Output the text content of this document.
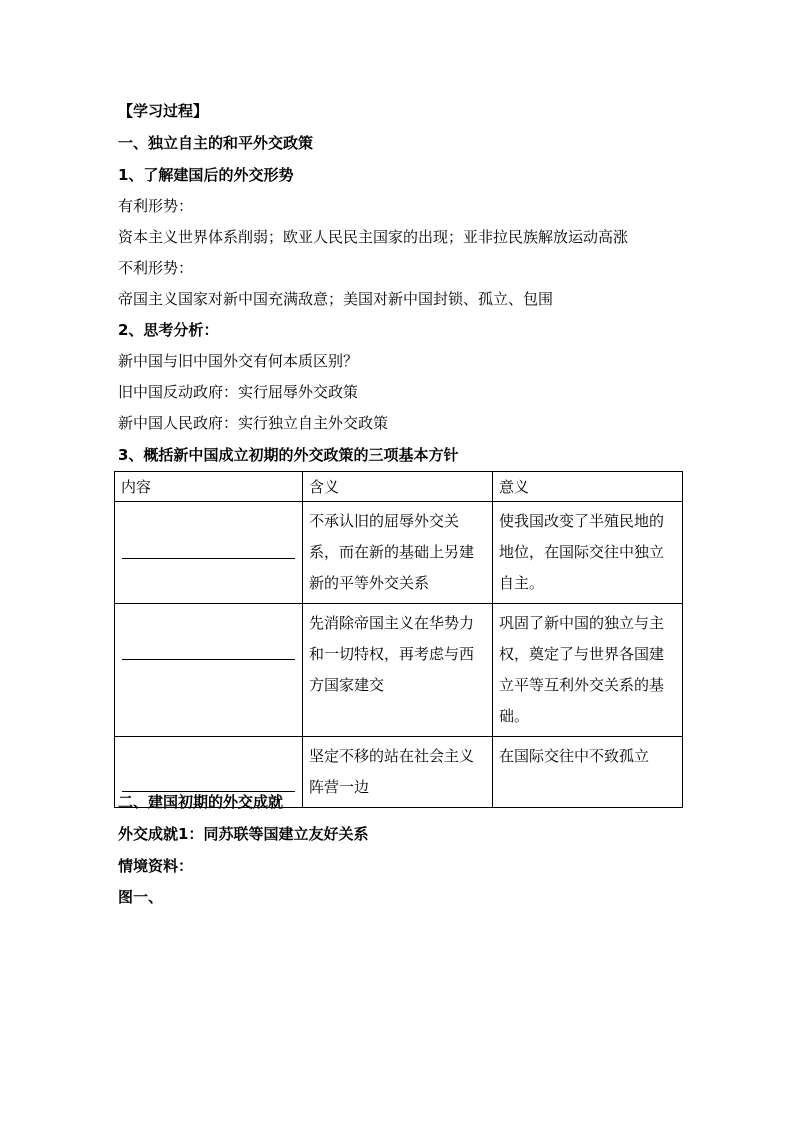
【学习过程】
一、独立自主的和平外交政策
1、了解建国后的外交形势
有利形势：
资本主义世界体系削弱；欧亚人民民主国家的出现；亚非拉民族解放运动高涨
不利形势：
帝国主义国家对新中国充满敌意；美国对新中国封锁、孤立、包围
2、思考分析：
新中国与旧中国外交有何本质区别？
旧中国反动政府：实行屈辱外交政策
新中国人民政府：实行独立自主外交政策
3、概括新中国成立初期的外交政策的三项基本方针
内容	含义	意义

	不承认旧的屈辱外交关系，而在新的基础上另建新的平等外交关系	使我国改变了半殖民地的地位，在国际交往中独立自主。

	先消除帝国主义在华势力和一切特权，再考虑与西方国家建交	巩固了新中国的独立与主权，奠定了与世界各国建立平等互利外交关系的基础。

	坚定不移的站在社会主义阵营一边	在国际交往中不致孤立
二、建国初期的外交成就
外交成就1：同苏联等国建立友好关系
情境资料：
图一、
